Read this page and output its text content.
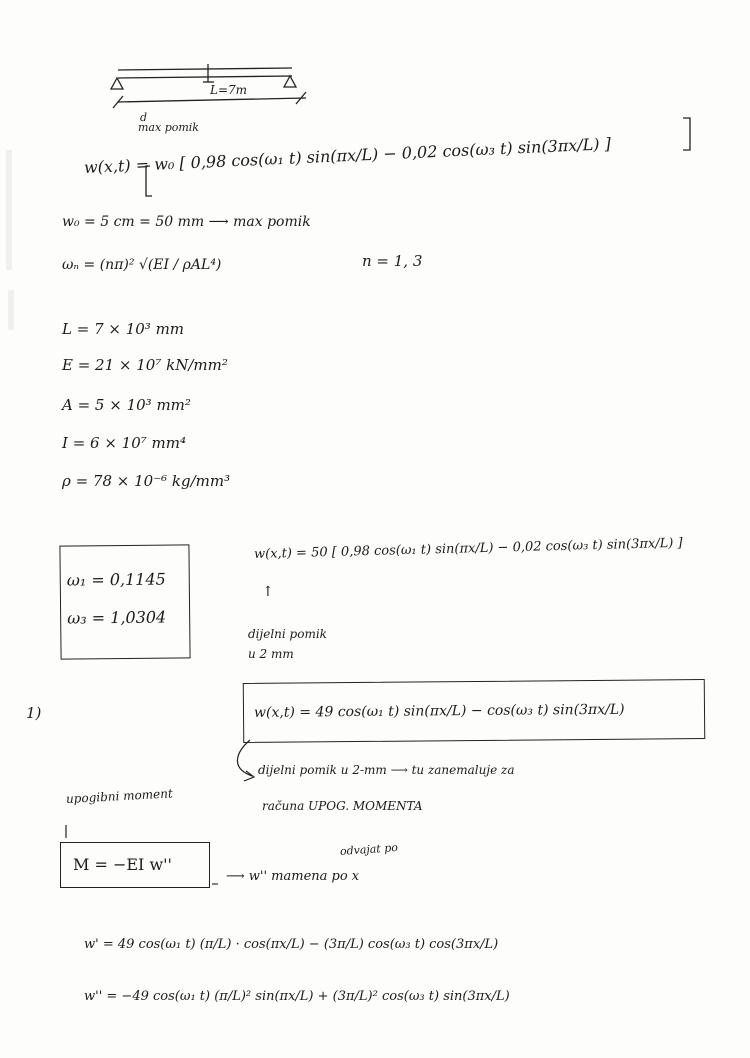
L=7m
d
max pomik
w(x,t) = w₀ [ 0,98 cos(ω₁ t) sin(πx/L) − 0,02 cos(ω₃ t) sin(3πx/L) ]
w₀ = 5 cm = 50 mm ⟶ max pomik
ωₙ = (nπ)² √(EI / ρAL⁴)	n = 1, 3
L = 7 × 10³ mm
E = 21 × 10⁷ kN/mm²
A = 5 × 10³ mm²
I = 6 × 10⁷ mm⁴
ρ = 78 × 10⁻⁶ kg/mm³
ω₁ = 0,1145
ω₃ = 1,0304
w(x,t) = 50 [ 0,98 cos(ω₁ t) sin(πx/L) − 0,02 cos(ω₃ t) sin(3πx/L) ]
↑
dijelni pomik
u 2 mm
1)	w(x,t) = 49 cos(ω₁ t) sin(πx/L) − cos(ω₃ t) sin(3πx/L)
dijelni pomik u 2-mm ⟶ tu zanemaluje za
računa UPOG. MOMENTA
upogibni moment
M = −EI w''
⟶ w'' mamena po x
odvajat po
w' = 49 cos(ω₁ t) (π/L) · cos(πx/L) − (3π/L) cos(ω₃ t) cos(3πx/L)
w'' = −49 cos(ω₁ t) (π/L)² sin(πx/L) + (3π/L)² cos(ω₃ t) sin(3πx/L)
